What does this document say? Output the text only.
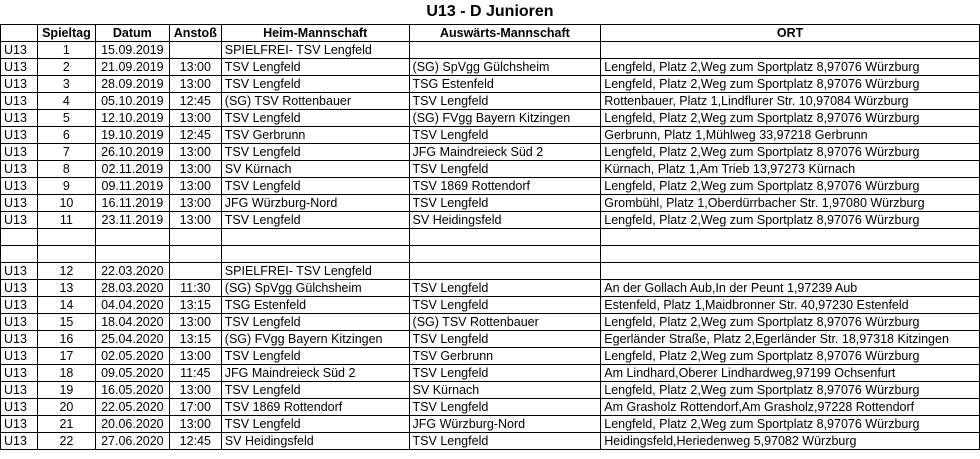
U13 - D Junioren
	Spieltag	Datum	Anstoß	Heim-Mannschaft	Auswärts-Mannschaft	ORT
U13	1	15.09.2019		SPIELFREI- TSV Lengfeld		
U13	2	21.09.2019	13:00	TSV Lengfeld	(SG) SpVgg Gülchsheim	Lengfeld, Platz 2,Weg zum Sportplatz 8,97076 Würzburg
U13	3	28.09.2019	13:00	TSV Lengfeld	TSG Estenfeld	Lengfeld, Platz 2,Weg zum Sportplatz 8,97076 Würzburg
U13	4	05.10.2019	12:45	(SG) TSV Rottenbauer	TSV Lengfeld	Rottenbauer, Platz 1,Lindflurer Str. 10,97084 Würzburg
U13	5	12.10.2019	13:00	TSV Lengfeld	(SG) FVgg Bayern Kitzingen	Lengfeld, Platz 2,Weg zum Sportplatz 8,97076 Würzburg
U13	6	19.10.2019	12:45	TSV Gerbrunn	TSV Lengfeld	Gerbrunn, Platz 1,Mühlweg 33,97218 Gerbrunn
U13	7	26.10.2019	13:00	TSV Lengfeld	JFG Maindreieck Süd 2	Lengfeld, Platz 2,Weg zum Sportplatz 8,97076 Würzburg
U13	8	02.11.2019	13:00	SV Kürnach	TSV Lengfeld	Kürnach, Platz 1,Am Trieb 13,97273 Kürnach
U13	9	09.11.2019	13:00	TSV Lengfeld	TSV 1869 Rottendorf	Lengfeld, Platz 2,Weg zum Sportplatz 8,97076 Würzburg
U13	10	16.11.2019	13:00	JFG Würzburg-Nord	TSV Lengfeld	Grombühl, Platz 1,Oberdürrbacher Str. 1,97080 Würzburg
U13	11	23.11.2019	13:00	TSV Lengfeld	SV Heidingsfeld	Lengfeld, Platz 2,Weg zum Sportplatz 8,97076 Würzburg

U13	12	22.03.2020		SPIELFREI- TSV Lengfeld		
U13	13	28.03.2020	11:30	(SG) SpVgg Gülchsheim	TSV Lengfeld	An der Gollach Aub,In der Peunt 1,97239 Aub
U13	14	04.04.2020	13:15	TSG Estenfeld	TSV Lengfeld	Estenfeld, Platz 1,Maidbronner Str. 40,97230 Estenfeld
U13	15	18.04.2020	13:00	TSV Lengfeld	(SG) TSV Rottenbauer	Lengfeld, Platz 2,Weg zum Sportplatz 8,97076 Würzburg
U13	16	25.04.2020	13:15	(SG) FVgg Bayern Kitzingen	TSV Lengfeld	Egerländer Straße, Platz 2,Egerländer Str. 18,97318 Kitzingen
U13	17	02.05.2020	13:00	TSV Lengfeld	TSV Gerbrunn	Lengfeld, Platz 2,Weg zum Sportplatz 8,97076 Würzburg
U13	18	09.05.2020	11:45	JFG Maindreieck Süd 2	TSV Lengfeld	Am Lindhard,Oberer Lindhardweg,97199 Ochsenfurt
U13	19	16.05.2020	13:00	TSV Lengfeld	SV Kürnach	Lengfeld, Platz 2,Weg zum Sportplatz 8,97076 Würzburg
U13	20	22.05.2020	17:00	TSV 1869 Rottendorf	TSV Lengfeld	Am Grasholz Rottendorf,Am Grasholz,97228 Rottendorf
U13	21	20.06.2020	13:00	TSV Lengfeld	JFG Würzburg-Nord	Lengfeld, Platz 2,Weg zum Sportplatz 8,97076 Würzburg
U13	22	27.06.2020	12:45	SV Heidingsfeld	TSV Lengfeld	Heidingsfeld,Heriedenweg 5,97082 Würzburg
